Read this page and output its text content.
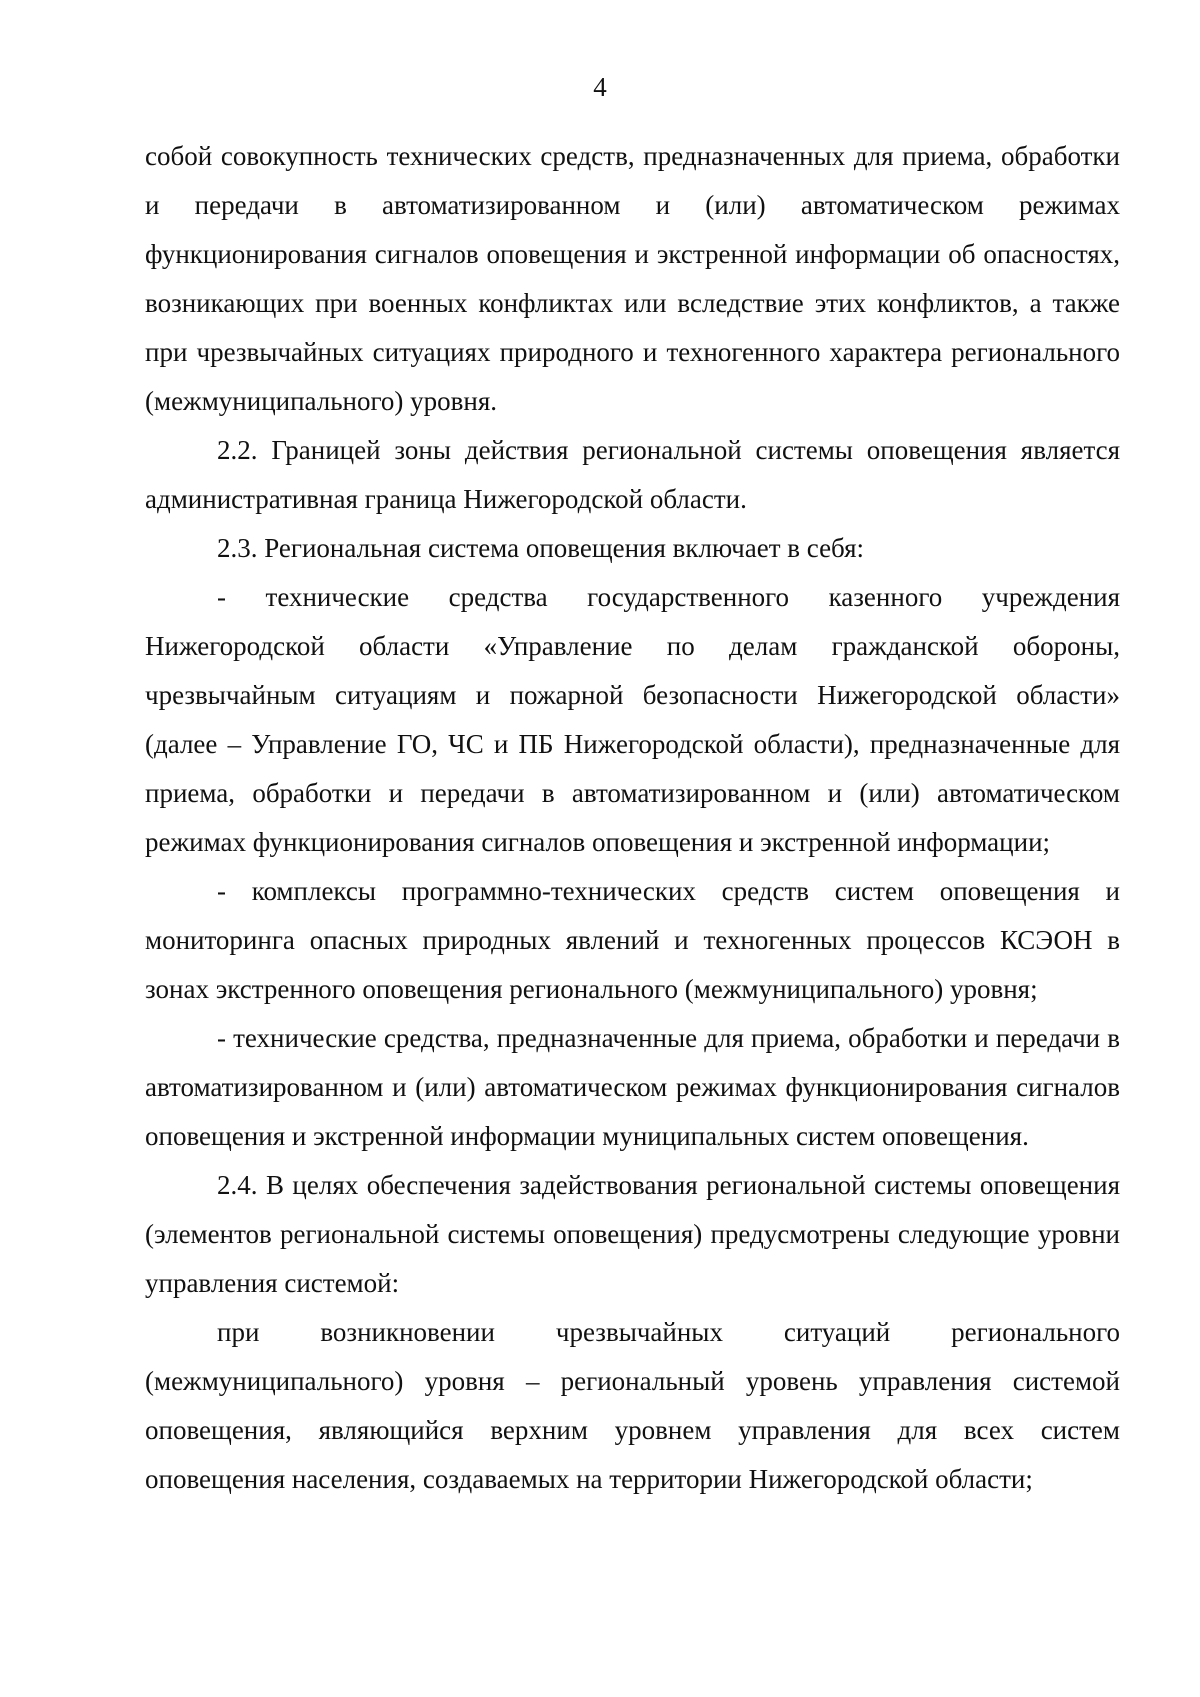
4

собой совокупность технических средств, предназначенных для приема, обработки и передачи в автоматизированном и (или) автоматическом режимах функционирования сигналов оповещения и экстренной информации об опасностях, возникающих при военных конфликтах или вследствие этих конфликтов, а также при чрезвычайных ситуациях природного и техногенного характера регионального (межмуниципального) уровня.

2.2. Границей зоны действия региональной системы оповещения является административная граница Нижегородской области.

2.3. Региональная система оповещения включает в себя:

- технические средства государственного казенного учреждения Нижегородской области «Управление по делам гражданской обороны, чрезвычайным ситуациям и пожарной безопасности Нижегородской области» (далее – Управление ГО, ЧС и ПБ Нижегородской области), предназначенные для приема, обработки и передачи в автоматизированном и (или) автоматическом режимах функционирования сигналов оповещения и экстренной информации;

- комплексы программно-технических средств систем оповещения и мониторинга опасных природных явлений и техногенных процессов КСЭОН в зонах экстренного оповещения регионального (межмуниципального) уровня;

- технические средства, предназначенные для приема, обработки и передачи в автоматизированном и (или) автоматическом режимах функционирования сигналов оповещения и экстренной информации муниципальных систем оповещения.

2.4. В целях обеспечения задействования региональной системы оповещения (элементов региональной системы оповещения) предусмотрены следующие уровни управления системой:

при возникновении чрезвычайных ситуаций регионального (межмуниципального) уровня – региональный уровень управления системой оповещения, являющийся верхним уровнем управления для всех систем оповещения населения, создаваемых на территории Нижегородской области;
